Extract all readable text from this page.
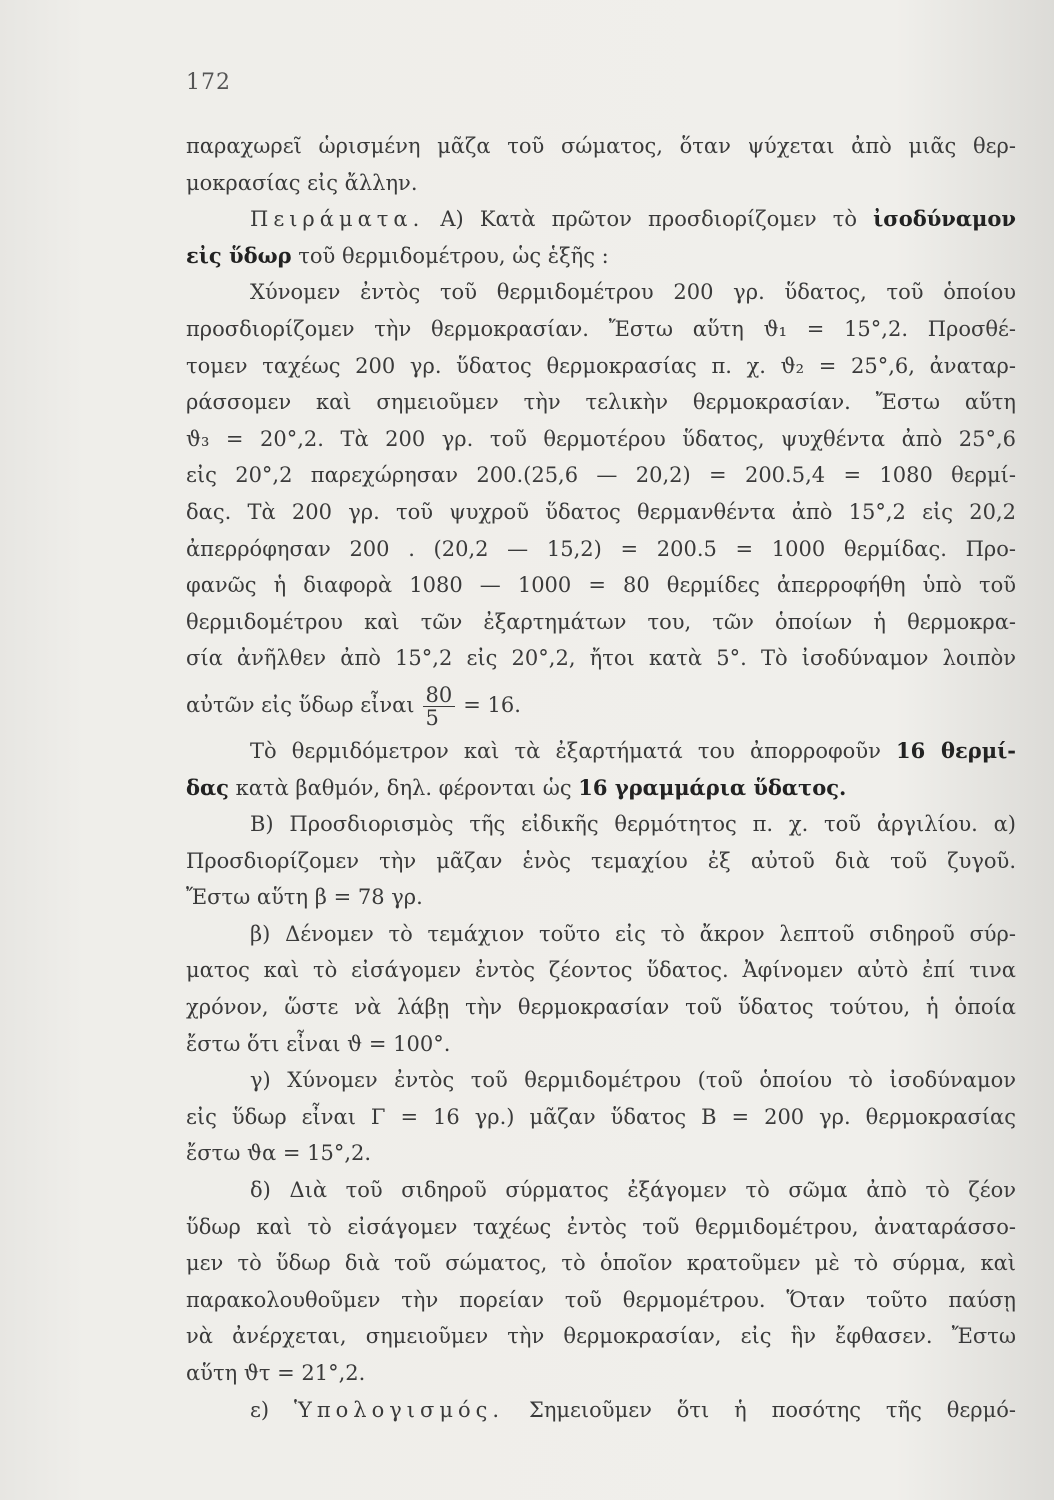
172
παραχωρεῖ ὡρισμένη μᾶζα τοῦ σώματος, ὅταν ψύχεται ἀπὸ μιᾶς θερ-
μοκρασίας εἰς ἄλλην.
Πειράματα. Α) Κατὰ πρῶτον προσδιορίζομεν τὸ ἰσοδύναμον
εἰς ὕδωρ τοῦ θερμιδομέτρου, ὡς ἑξῆς :
Χύνομεν ἐντὸς τοῦ θερμιδομέτρου 200 γρ. ὕδατος, τοῦ ὁποίου
προσδιορίζομεν τὴν θερμοκρασίαν. Ἔστω αὕτη ϑ₁ = 15°,2. Προσθέ-
τομεν ταχέως 200 γρ. ὕδατος θερμοκρασίας π. χ. ϑ₂ = 25°,6, ἀναταρ-
ράσσομεν καὶ σημειοῦμεν τὴν τελικὴν θερμοκρασίαν. Ἔστω αὕτη
ϑ₃ = 20°,2. Τὰ 200 γρ. τοῦ θερμοτέρου ὕδατος, ψυχθέντα ἀπὸ 25°,6
εἰς 20°,2 παρεχώρησαν 200.(25,6 — 20,2) = 200.5,4 = 1080 θερμί-
δας. Τὰ 200 γρ. τοῦ ψυχροῦ ὕδατος θερμανθέντα ἀπὸ 15°,2 εἰς 20,2
ἀπερρόφησαν 200 . (20,2 — 15,2) = 200.5 = 1000 θερμίδας. Προ-
φανῶς ἡ διαφορὰ 1080 — 1000 = 80 θερμίδες ἀπερροφήθη ὑπὸ τοῦ
θερμιδομέτρου καὶ τῶν ἐξαρτημάτων του, τῶν ὁποίων ἡ θερμοκρα-
σία ἀνῆλθεν ἀπὸ 15°,2 εἰς 20°,2, ἤτοι κατὰ 5°. Τὸ ἰσοδύναμον λοιπὸν
αὐτῶν εἰς ὕδωρ εἶναι $\frac{80}{5} = 16$.
Τὸ θερμιδόμετρον καὶ τὰ ἐξαρτήματά του ἀπορροφοῦν 16 θερμί-
δας κατὰ βαθμόν, δηλ. φέρονται ὡς 16 γραμμάρια ὕδατος.
Β) Προσδιορισμὸς τῆς εἰδικῆς θερμότητος π. χ. τοῦ ἀργιλίου. α)
Προσδιορίζομεν τὴν μᾶζαν ἑνὸς τεμαχίου ἐξ αὐτοῦ διὰ τοῦ ζυγοῦ.
Ἔστω αὕτη β = 78 γρ.
β) Δένομεν τὸ τεμάχιον τοῦτο εἰς τὸ ἄκρον λεπτοῦ σιδηροῦ σύρ-
ματος καὶ τὸ εἰσάγομεν ἐντὸς ζέοντος ὕδατος. Ἀφίνομεν αὐτὸ ἐπί τινα
χρόνον, ὥστε νὰ λάβῃ τὴν θερμοκρασίαν τοῦ ὕδατος τούτου, ἡ ὁποία
ἔστω ὅτι εἶναι ϑ = 100°.
γ) Χύνομεν ἐντὸς τοῦ θερμιδομέτρου (τοῦ ὁποίου τὸ ἰσοδύναμον
εἰς ὕδωρ εἶναι Γ = 16 γρ.) μᾶζαν ὕδατος Β = 200 γρ. θερμοκρασίας
ἔστω ϑα = 15°,2.
δ) Διὰ τοῦ σιδηροῦ σύρματος ἐξάγομεν τὸ σῶμα ἀπὸ τὸ ζέον
ὕδωρ καὶ τὸ εἰσάγομεν ταχέως ἐντὸς τοῦ θερμιδομέτρου, ἀναταράσσο-
μεν τὸ ὕδωρ διὰ τοῦ σώματος, τὸ ὁποῖον κρατοῦμεν μὲ τὸ σύρμα, καὶ
παρακολουθοῦμεν τὴν πορείαν τοῦ θερμομέτρου. Ὅταν τοῦτο παύσῃ
νὰ ἀνέρχεται, σημειοῦμεν τὴν θερμοκρασίαν, εἰς ἣν ἔφθασεν. Ἔστω
αὕτη ϑτ = 21°,2.
ε) Ὑπολογισμός. Σημειοῦμεν ὅτι ἡ ποσότης τῆς θερμό-
